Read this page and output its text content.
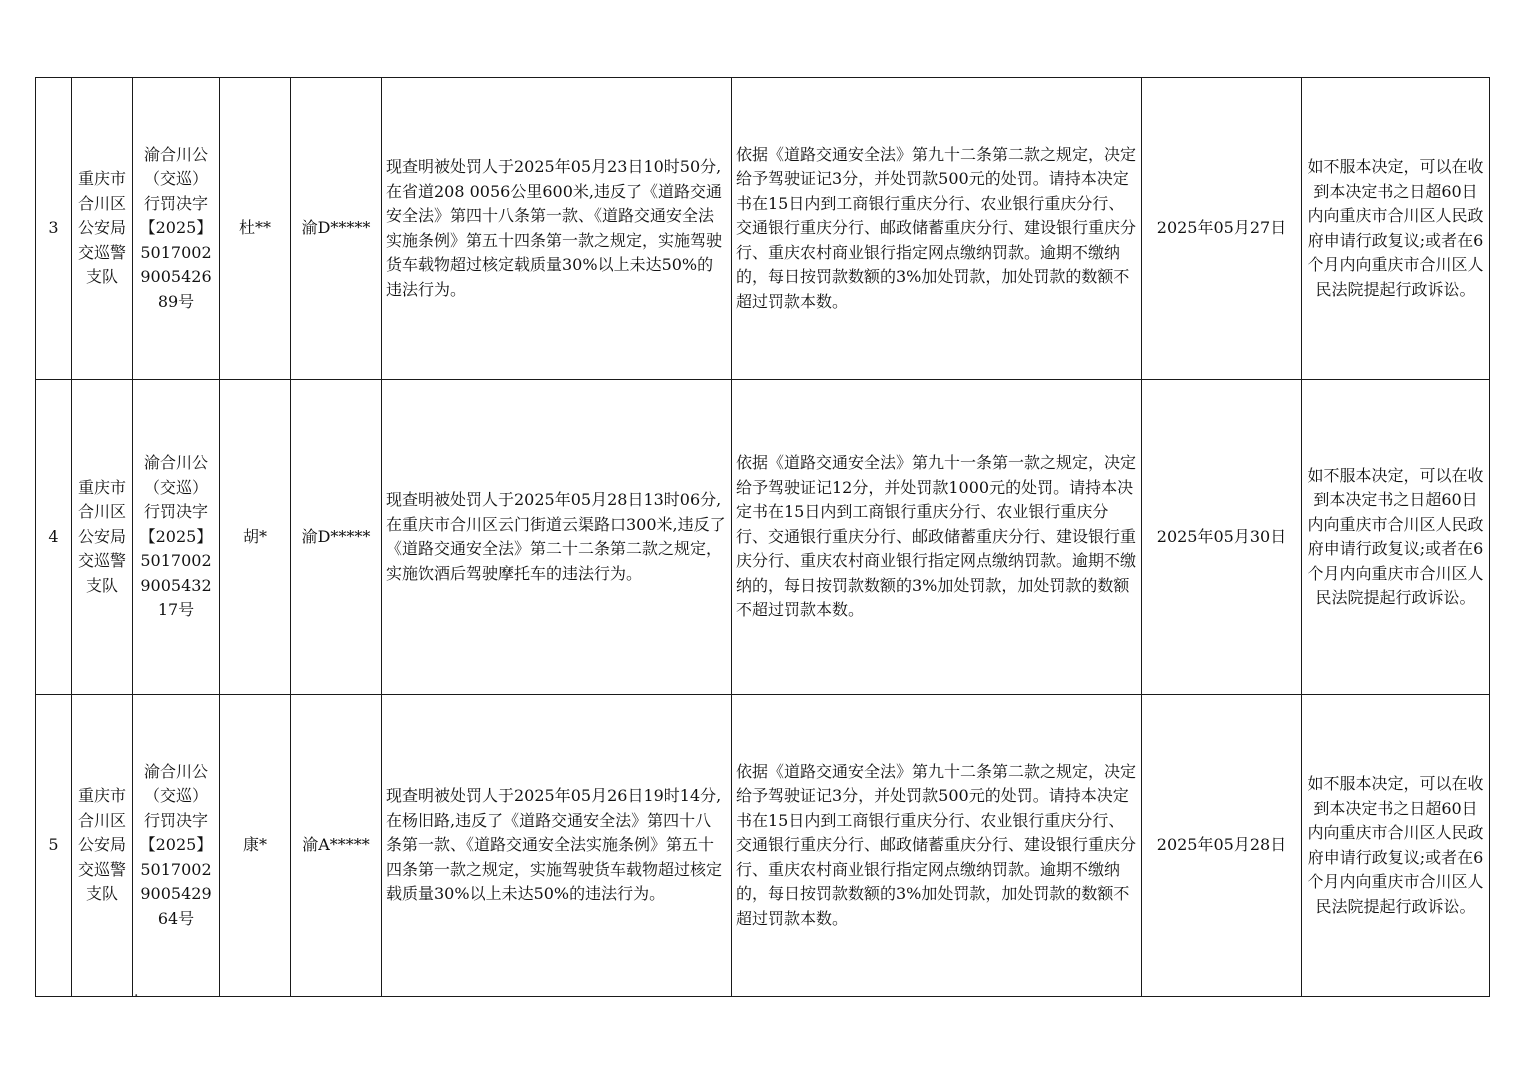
3	重庆市合川区公安局交巡警支队	渝合川公（交巡）行罚决字【2025】5017002900542689号	杜**	渝D*****	现查明被处罚人于2025年05月23日10时50分,在省道208 0056公里600米,违反了《道路交通安全法》第四十八条第一款、《道路交通安全法实施条例》第五十四条第一款之规定，实施驾驶货车载物超过核定载质量30%以上未达50%的违法行为。	依据《道路交通安全法》第九十二条第二款之规定，决定给予驾驶证记3分，并处罚款500元的处罚。请持本决定书在15日内到工商银行重庆分行、农业银行重庆分行、交通银行重庆分行、邮政储蓄重庆分行、建设银行重庆分行、重庆农村商业银行指定网点缴纳罚款。逾期不缴纳的，每日按罚款数额的3%加处罚款，加处罚款的数额不超过罚款本数。	2025年05月27日	如不服本决定，可以在收到本决定书之日超60日内向重庆市合川区人民政府申请行政复议;或者在6个月内向重庆市合川区人民法院提起行政诉讼。
4	重庆市合川区公安局交巡警支队	渝合川公（交巡）行罚决字【2025】5017002900543217号	胡*	渝D*****	现查明被处罚人于2025年05月28日13时06分,在重庆市合川区云门街道云渠路口300米,违反了《道路交通安全法》第二十二条第二款之规定，实施饮酒后驾驶摩托车的违法行为。	依据《道路交通安全法》第九十一条第一款之规定，决定给予驾驶证记12分，并处罚款1000元的处罚。请持本决定书在15日内到工商银行重庆分行、农业银行重庆分行、交通银行重庆分行、邮政储蓄重庆分行、建设银行重庆分行、重庆农村商业银行指定网点缴纳罚款。逾期不缴纳的，每日按罚款数额的3%加处罚款，加处罚款的数额不超过罚款本数。	2025年05月30日	如不服本决定，可以在收到本决定书之日超60日内向重庆市合川区人民政府申请行政复议;或者在6个月内向重庆市合川区人民法院提起行政诉讼。
5	重庆市合川区公安局交巡警支队	渝合川公（交巡）行罚决字【2025】5017002900542964号	康*	渝A*****	现查明被处罚人于2025年05月26日19时14分,在杨旧路,违反了《道路交通安全法》第四十八条第一款、《道路交通安全法实施条例》第五十四条第一款之规定，实施驾驶货车载物超过核定载质量30%以上未达50%的违法行为。	依据《道路交通安全法》第九十二条第二款之规定，决定给予驾驶证记3分，并处罚款500元的处罚。请持本决定书在15日内到工商银行重庆分行、农业银行重庆分行、交通银行重庆分行、邮政储蓄重庆分行、建设银行重庆分行、重庆农村商业银行指定网点缴纳罚款。逾期不缴纳的，每日按罚款数额的3%加处罚款，加处罚款的数额不超过罚款本数。	2025年05月28日	如不服本决定，可以在收到本决定书之日超60日内向重庆市合川区人民政府申请行政复议;或者在6个月内向重庆市合川区人民法院提起行政诉讼。
.
